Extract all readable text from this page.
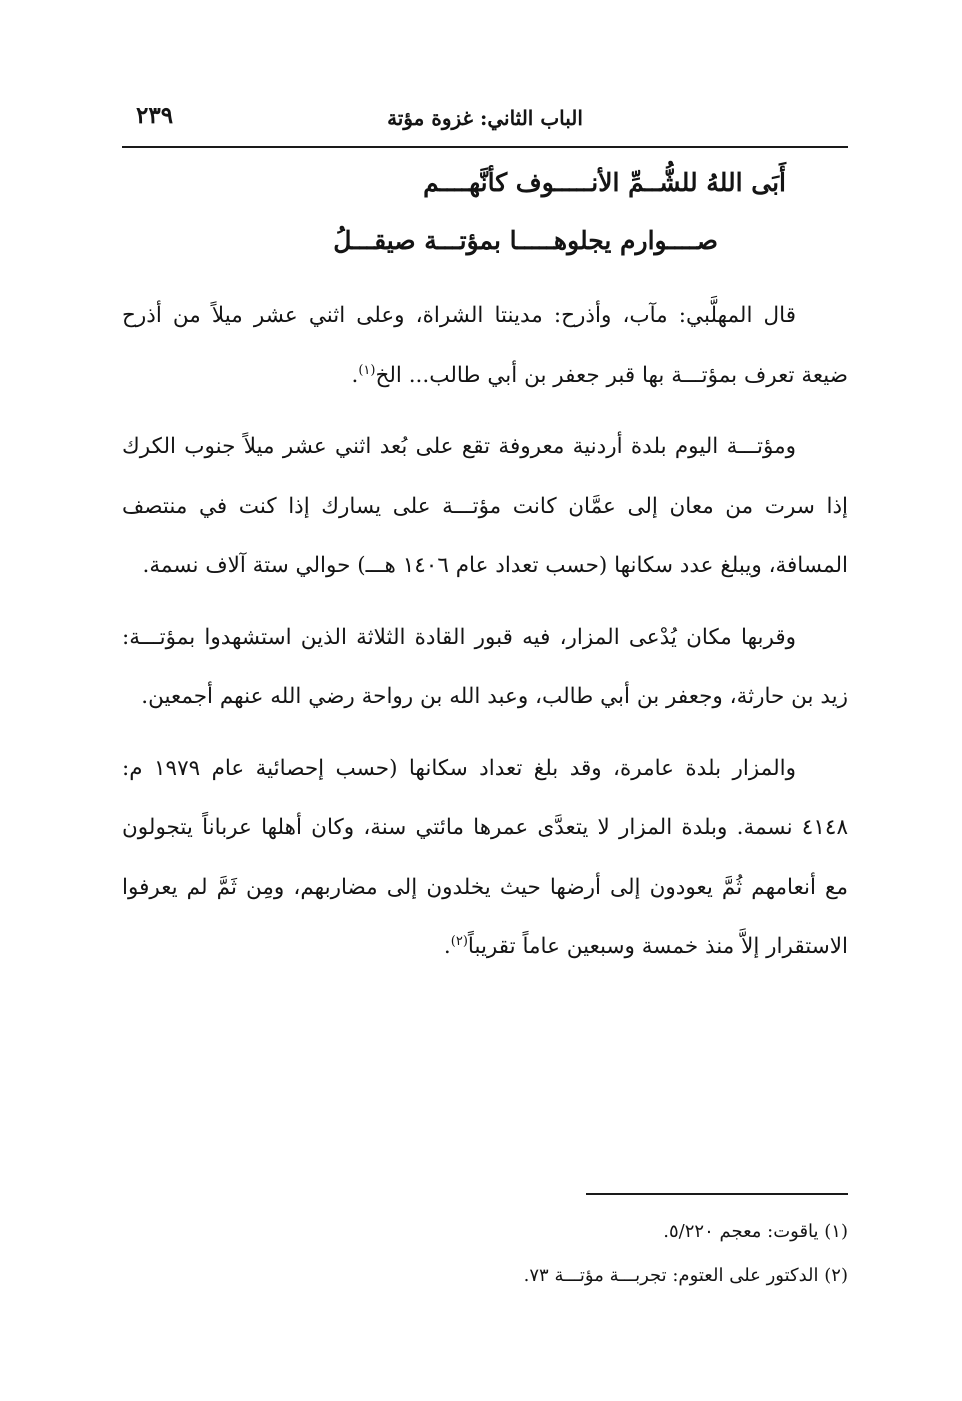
الباب الثاني: غزوة مؤتة
٢٣٩
أَبَى اللهُ للشُّــمِّ الأنـــــوف كأنَّهــــم
صــــوارم يجلوهـــــا بمؤتـــة صيقـــلُ

قال المهلَّبي: مآب، وأذرح: مدينتا الشراة، وعلى اثني عشر ميلاً من أذرح ضيعة تعرف بمؤتـــة بها قبر جعفر بن أبي طالب... الخ$^{(١)}$.

ومؤتـــة اليوم بلدة أردنية معروفة تقع على بُعد اثني عشر ميلاً جنوب الكرك إذا سرت من معان إلى عمَّان كانت مؤتـــة على يسارك إذا كنت في منتصف المسافة، ويبلغ عدد سكانها (حسب تعداد عام ١٤٠٦ هـــ) حوالي ستة آلاف نسمة.

وقربها مكان يُدْعى المزار، فيه قبور القادة الثلاثة الذين استشهدوا بمؤتـــة: زيد بن حارثة، وجعفر بن أبي طالب، وعبد الله بن رواحة رضي الله عنهم أجمعين.

والمزار بلدة عامرة، وقد بلغ تعداد سكانها (حسب إحصائية عام ١٩٧٩ م: ٤١٤٨ نسمة. وبلدة المزار لا يتعدَّى عمرها مائتي سنة، وكان أهلها عرباناً يتجولون مع أنعامهم ثُمَّ يعودون إلى أرضها حيث يخلدون إلى مضاربهم، ومِن ثَمَّ لم يعرفوا الاستقرار إلاَّ منذ خمسة وسبعين عاماً تقريباً$^{(٢)}$.

(١) ياقوت: معجم ٥/٢٢٠.

(٢) الدكتور على العتوم: تجربـــة مؤتـــة ٧٣.
